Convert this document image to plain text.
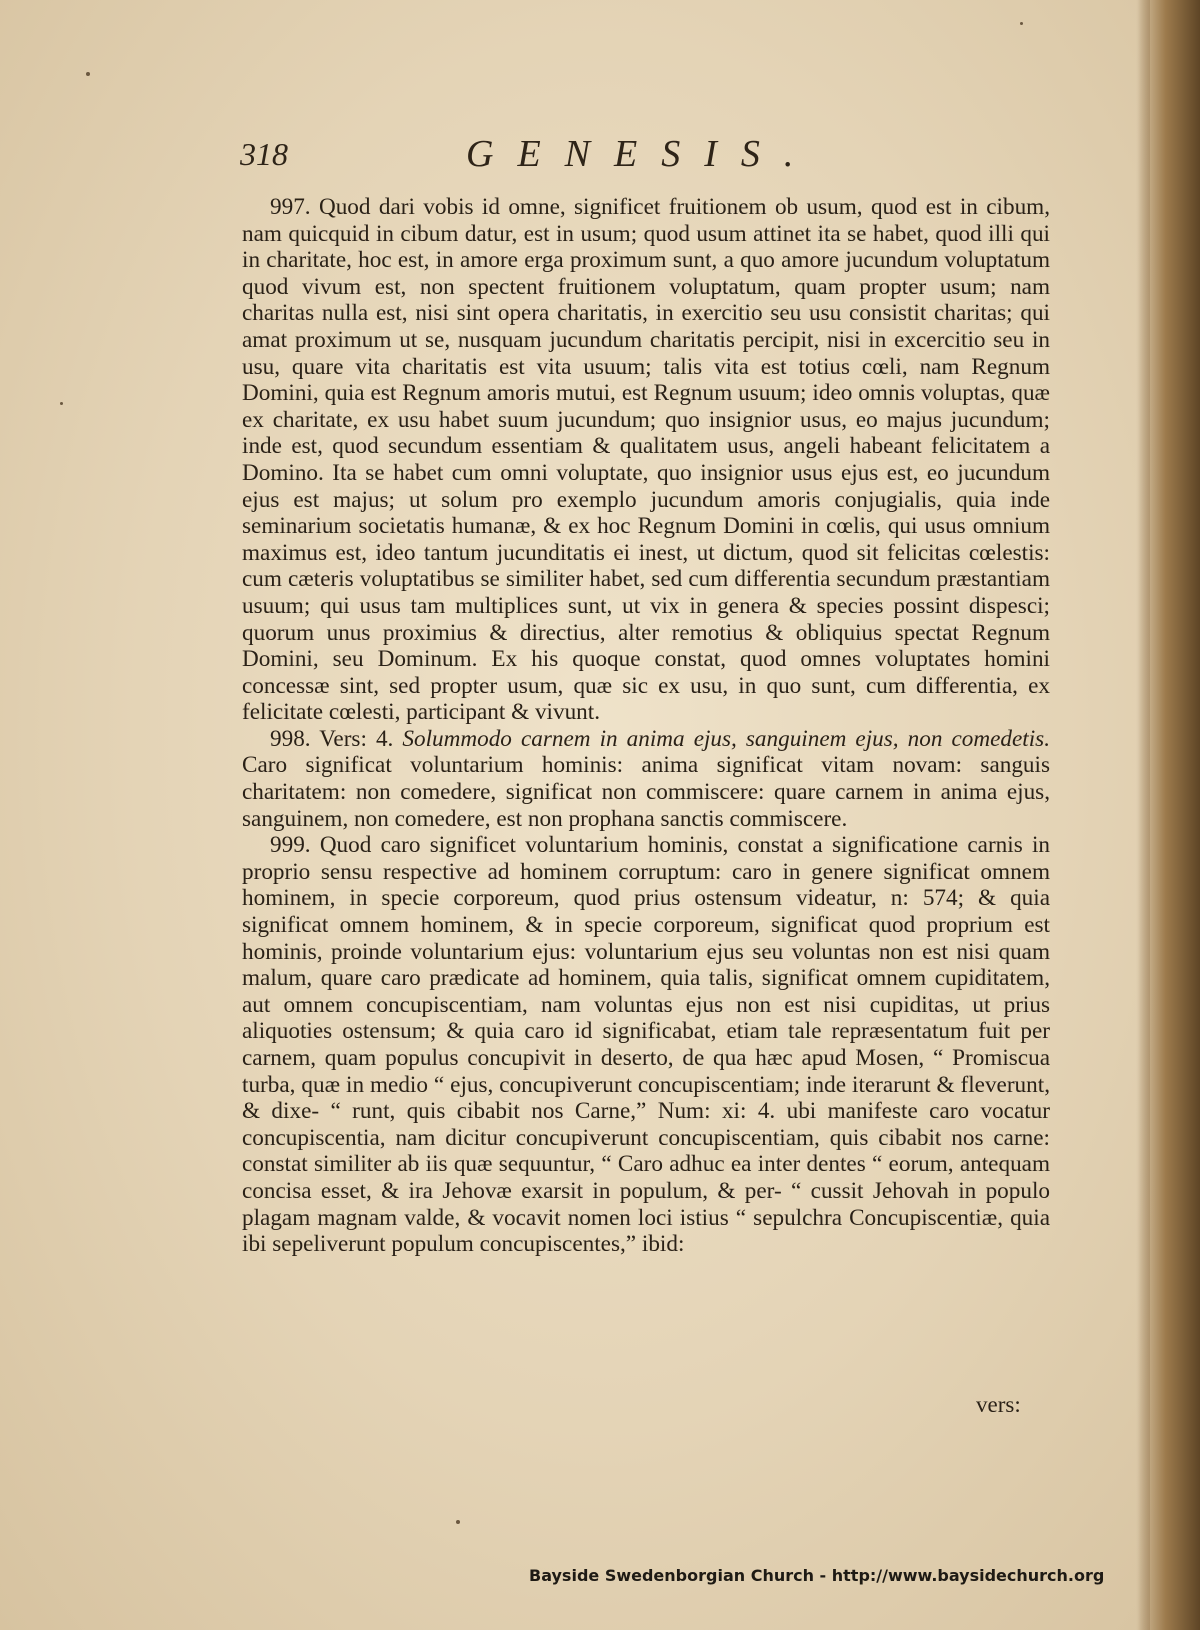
318	GENESIS.

997. Quod dari vobis id omne, significet fruitionem ob usum, quod est in cibum, nam quicquid in cibum datur, est in usum; quod usum attinet ita se habet, quod illi qui in charitate, hoc est, in amore erga proximum sunt, a quo amore jucundum voluptatum quod vivum est, non spectent fruitionem voluptatum, quam propter usum; nam charitas nulla est, nisi sint opera charitatis, in exercitio seu usu consistit charitas; qui amat proximum ut se, nusquam jucundum charitatis percipit, nisi in excercitio seu in usu, quare vita charitatis est vita usuum; talis vita est totius cœli, nam Regnum Domini, quia est Regnum amoris mutui, est Regnum usuum; ideo omnis voluptas, quæ ex charitate, ex usu habet suum jucundum; quo insignior usus, eo majus jucundum; inde est, quod secundum essentiam & qualitatem usus, angeli habeant felicitatem a Domino. Ita se habet cum omni voluptate, quo insignior usus ejus est, eo jucundum ejus est majus; ut solum pro exemplo jucundum amoris conjugialis, quia inde seminarium societatis humanæ, & ex hoc Regnum Domini in cœlis, qui usus omnium maximus est, ideo tantum jucunditatis ei inest, ut dictum, quod sit felicitas cœlestis: cum cæteris voluptatibus se similiter habet, sed cum differentia secundum præstantiam usuum; qui usus tam multiplices sunt, ut vix in genera & species possint dispesci; quorum unus proximius & directius, alter remotius & obliquius spectat Regnum Domini, seu Dominum. Ex his quoque constat, quod omnes voluptates homini concessæ sint, sed propter usum, quæ sic ex usu, in quo sunt, cum differentia, ex felicitate cœlesti, participant & vivunt.

998. Vers: 4. Solummodo carnem in anima ejus, sanguinem ejus, non comedetis. Caro significat voluntarium hominis: anima significat vitam novam: sanguis charitatem: non comedere, significat non commiscere: quare carnem in anima ejus, sanguinem, non comedere, est non prophana sanctis commiscere.

999. Quod caro significet voluntarium hominis, constat a significatione carnis in proprio sensu respective ad hominem corruptum: caro in genere significat omnem hominem, in specie corporeum, quod prius ostensum videatur, n: 574; & quia significat omnem hominem, & in specie corporeum, significat quod proprium est hominis, proinde voluntarium ejus: voluntarium ejus seu voluntas non est nisi quam malum, quare caro prædicate ad hominem, quia talis, significat omnem cupiditatem, aut omnem concupiscentiam, nam voluntas ejus non est nisi cupiditas, ut prius aliquoties ostensum; & quia caro id significabat, etiam tale repræsentatum fuit per carnem, quam populus concupivit in deserto, de qua hæc apud Mosen, “ Promiscua turba, quæ in medio “ ejus, concupiverunt concupiscentiam; inde iterarunt & fleverunt, & dixe- “ runt, quis cibabit nos Carne,” Num: xi: 4. ubi manifeste caro vocatur concupiscentia, nam dicitur concupiverunt concupiscentiam, quis cibabit nos carne: constat similiter ab iis quæ sequuntur, “ Caro adhuc ea inter dentes “ eorum, antequam concisa esset, & ira Jehovæ exarsit in populum, & per- “ cussit Jehovah in populo plagam magnam valde, & vocavit nomen loci istius “ sepulchra Concupiscentiæ, quia ibi sepeliverunt populum concupiscentes,” ibid:

vers:
Bayside Swedenborgian Church - http://www.baysidechurch.org
